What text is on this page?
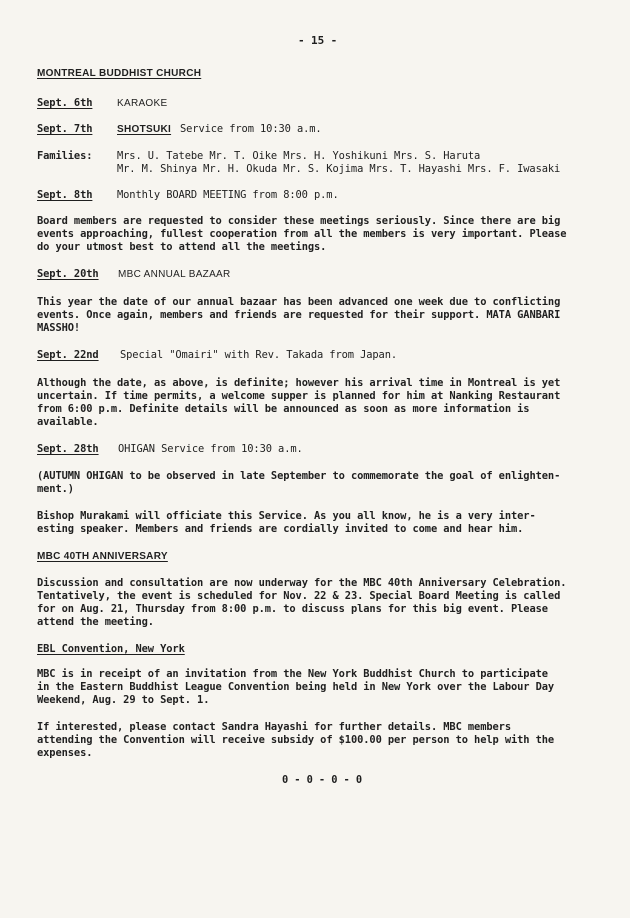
- 15 -
MONTREAL BUDDHIST CHURCH
Sept. 6th KARAOKE
Sept. 7th SHOTSUKI Service from 10:30 a.m.
Families: Mrs. U. Tatebe Mr. T. Oike Mrs. H. Yoshikuni Mrs. S. Haruta
Mr. M. Shinya Mr. H. Okuda Mr. S. Kojima Mrs. T. Hayashi Mrs. F. Iwasaki
Sept. 8th Monthly BOARD MEETING from 8:00 p.m.
Board members are requested to consider these meetings seriously. Since there are big
events approaching, fullest cooperation from all the members is very important. Please
do your utmost best to attend all the meetings.
Sept. 20th MBC ANNUAL BAZAAR
This year the date of our annual bazaar has been advanced one week due to conflicting
events. Once again, members and friends are requested for their support. MATA GANBARI
MASSHO!
Sept. 22nd Special "Omairi" with Rev. Takada from Japan.
Although the date, as above, is definite; however his arrival time in Montreal is yet
uncertain. If time permits, a welcome supper is planned for him at Nanking Restaurant
from 6:00 p.m. Definite details will be announced as soon as more information is
available.
Sept. 28th OHIGAN Service from 10:30 a.m.
(AUTUMN OHIGAN to be observed in late September to commemorate the goal of enlighten-
ment.)
Bishop Murakami will officiate this Service. As you all know, he is a very inter-
esting speaker. Members and friends are cordially invited to come and hear him.
MBC 40TH ANNIVERSARY
Discussion and consultation are now underway for the MBC 40th Anniversary Celebration.
Tentatively, the event is scheduled for Nov. 22 & 23. Special Board Meeting is called
for on Aug. 21, Thursday from 8:00 p.m. to discuss plans for this big event. Please
attend the meeting.
EBL Convention, New York
MBC is in receipt of an invitation from the New York Buddhist Church to participate
in the Eastern Buddhist League Convention being held in New York over the Labour Day
Weekend, Aug. 29 to Sept. 1.
If interested, please contact Sandra Hayashi for further details. MBC members
attending the Convention will receive subsidy of $100.00 per person to help with the
expenses.
0 - 0 - 0 - 0
